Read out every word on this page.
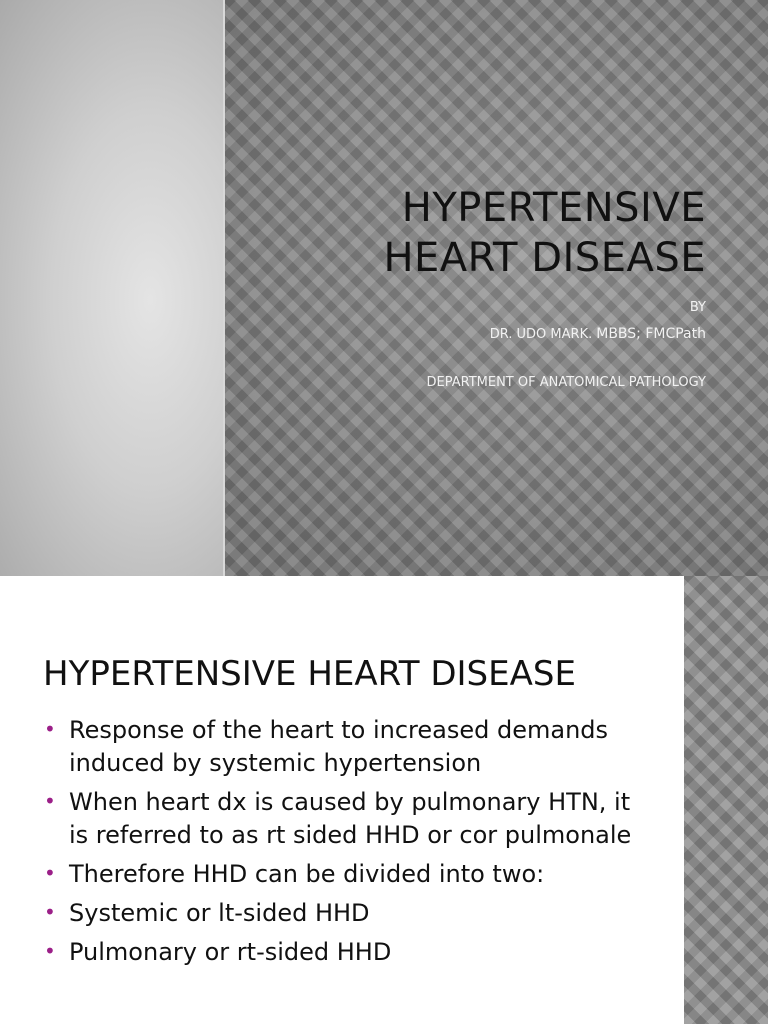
HYPERTENSIVE
HEART DISEASE

BY

DR. UDO MARK. MBBS; FMCPath

DEPARTMENT OF ANATOMICAL PATHOLOGY

HYPERTENSIVE HEART DISEASE
• Response of the heart to increased demands induced by systemic hypertension
• When heart dx is caused by pulmonary HTN, it is referred to as rt sided HHD or cor pulmonale
• Therefore HHD can be divided into two:
• Systemic or lt-sided HHD
• Pulmonary or rt-sided HHD
